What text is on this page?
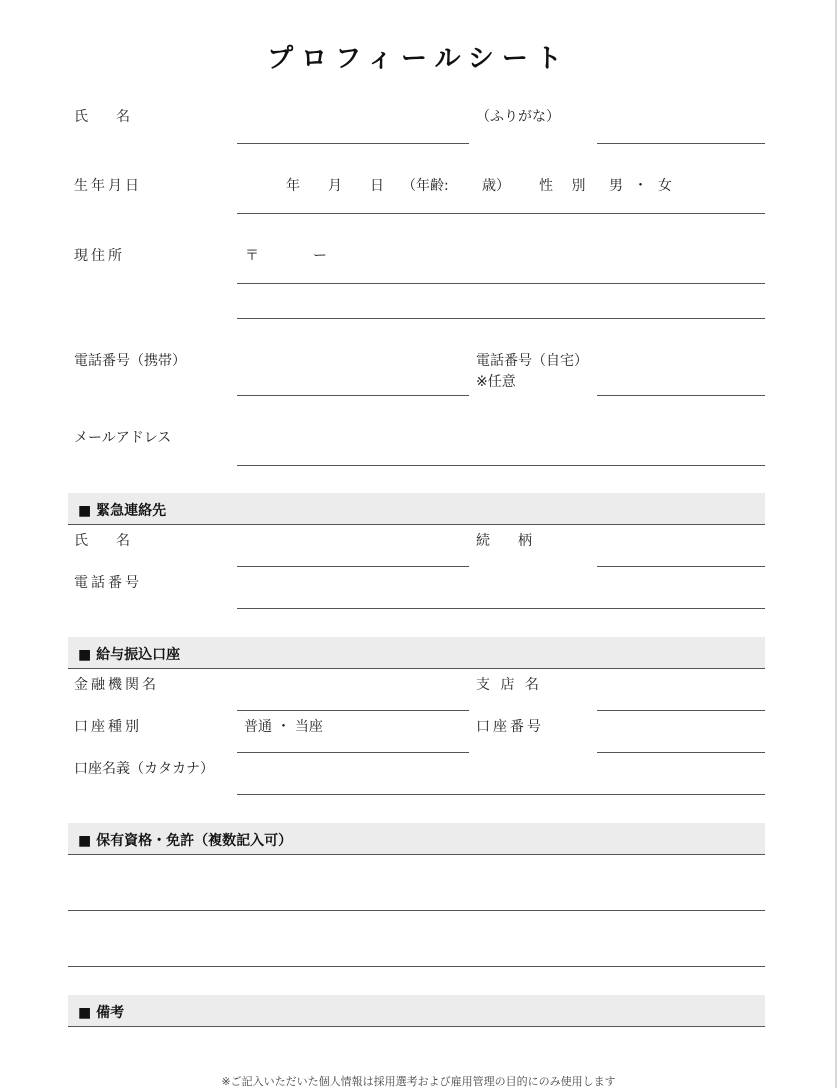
プロフィールシート
氏　名	（ふりがな）
生年月日	年 月 日 （年齢: 歳） 性 別 男 ・ 女
現住所	〒	ー
電話番号（携帯）	電話番号（自宅）
※任意
メールアドレス
■ 緊急連絡先
氏　名	続　柄
電話番号
■ 給与振込口座
金融機関名	支 店 名
口座種別	普通 ・ 当座	口座番号
口座名義（カタカナ）
■ 保有資格・免許（複数記入可）
■ 備考
※ご記入いただいた個人情報は採用選考および雇用管理の目的にのみ使用します
